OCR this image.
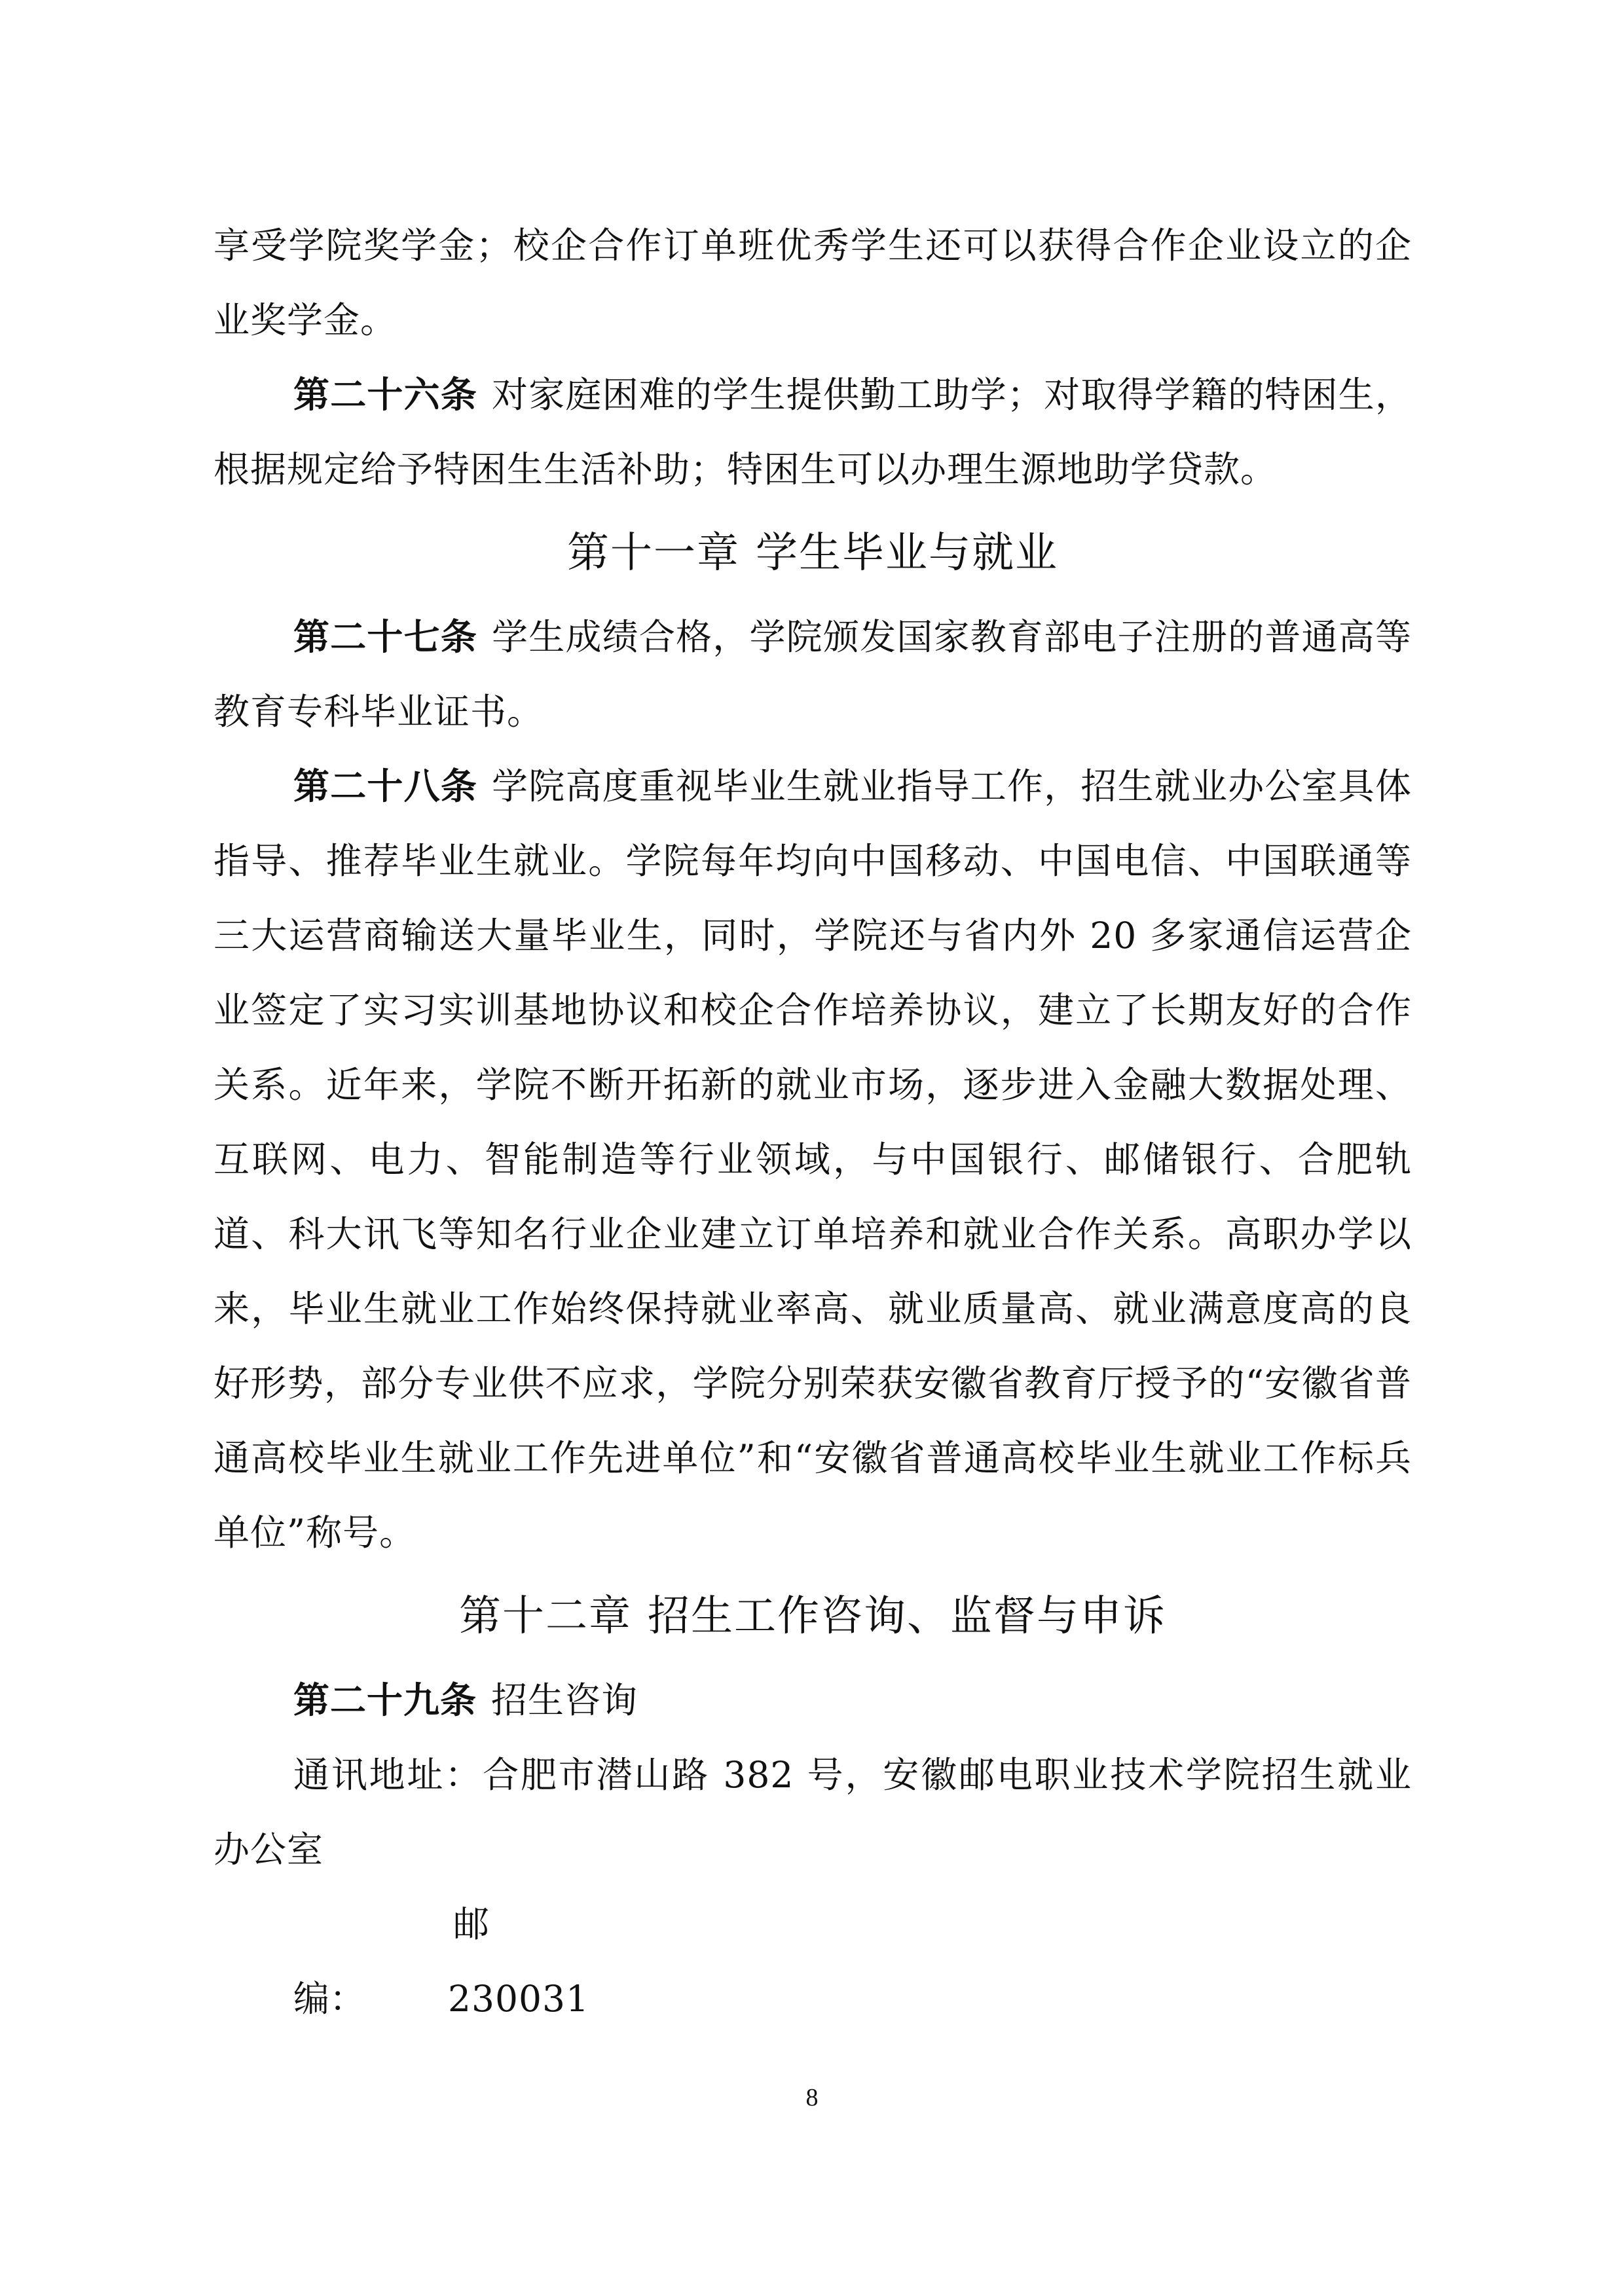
享受学院奖学金；校企合作订单班优秀学生还可以获得合作企业设立的企业奖学金。

第二十六条 对家庭困难的学生提供勤工助学；对取得学籍的特困生，根据规定给予特困生生活补助；特困生可以办理生源地助学贷款。

第十一章 学生毕业与就业

第二十七条 学生成绩合格，学院颁发国家教育部电子注册的普通高等教育专科毕业证书。

第二十八条 学院高度重视毕业生就业指导工作，招生就业办公室具体指导、推荐毕业生就业。学院每年均向中国移动、中国电信、中国联通等三大运营商输送大量毕业生，同时，学院还与省内外 20 多家通信运营企业签定了实习实训基地协议和校企合作培养协议，建立了长期友好的合作关系。近年来，学院不断开拓新的就业市场，逐步进入金融大数据处理、互联网、电力、智能制造等行业领域，与中国银行、邮储银行、合肥轨道、科大讯飞等知名行业企业建立订单培养和就业合作关系。高职办学以来，毕业生就业工作始终保持就业率高、就业质量高、就业满意度高的良好形势，部分专业供不应求，学院分别荣获安徽省教育厅授予的“安徽省普通高校毕业生就业工作先进单位”和“安徽省普通高校毕业生就业工作标兵单位”称号。

第十二章 招生工作咨询、监督与申诉

第二十九条 招生咨询

通讯地址：合肥市潜山路 382 号，安徽邮电职业技术学院招生就业办公室

邮编： 230031

8
